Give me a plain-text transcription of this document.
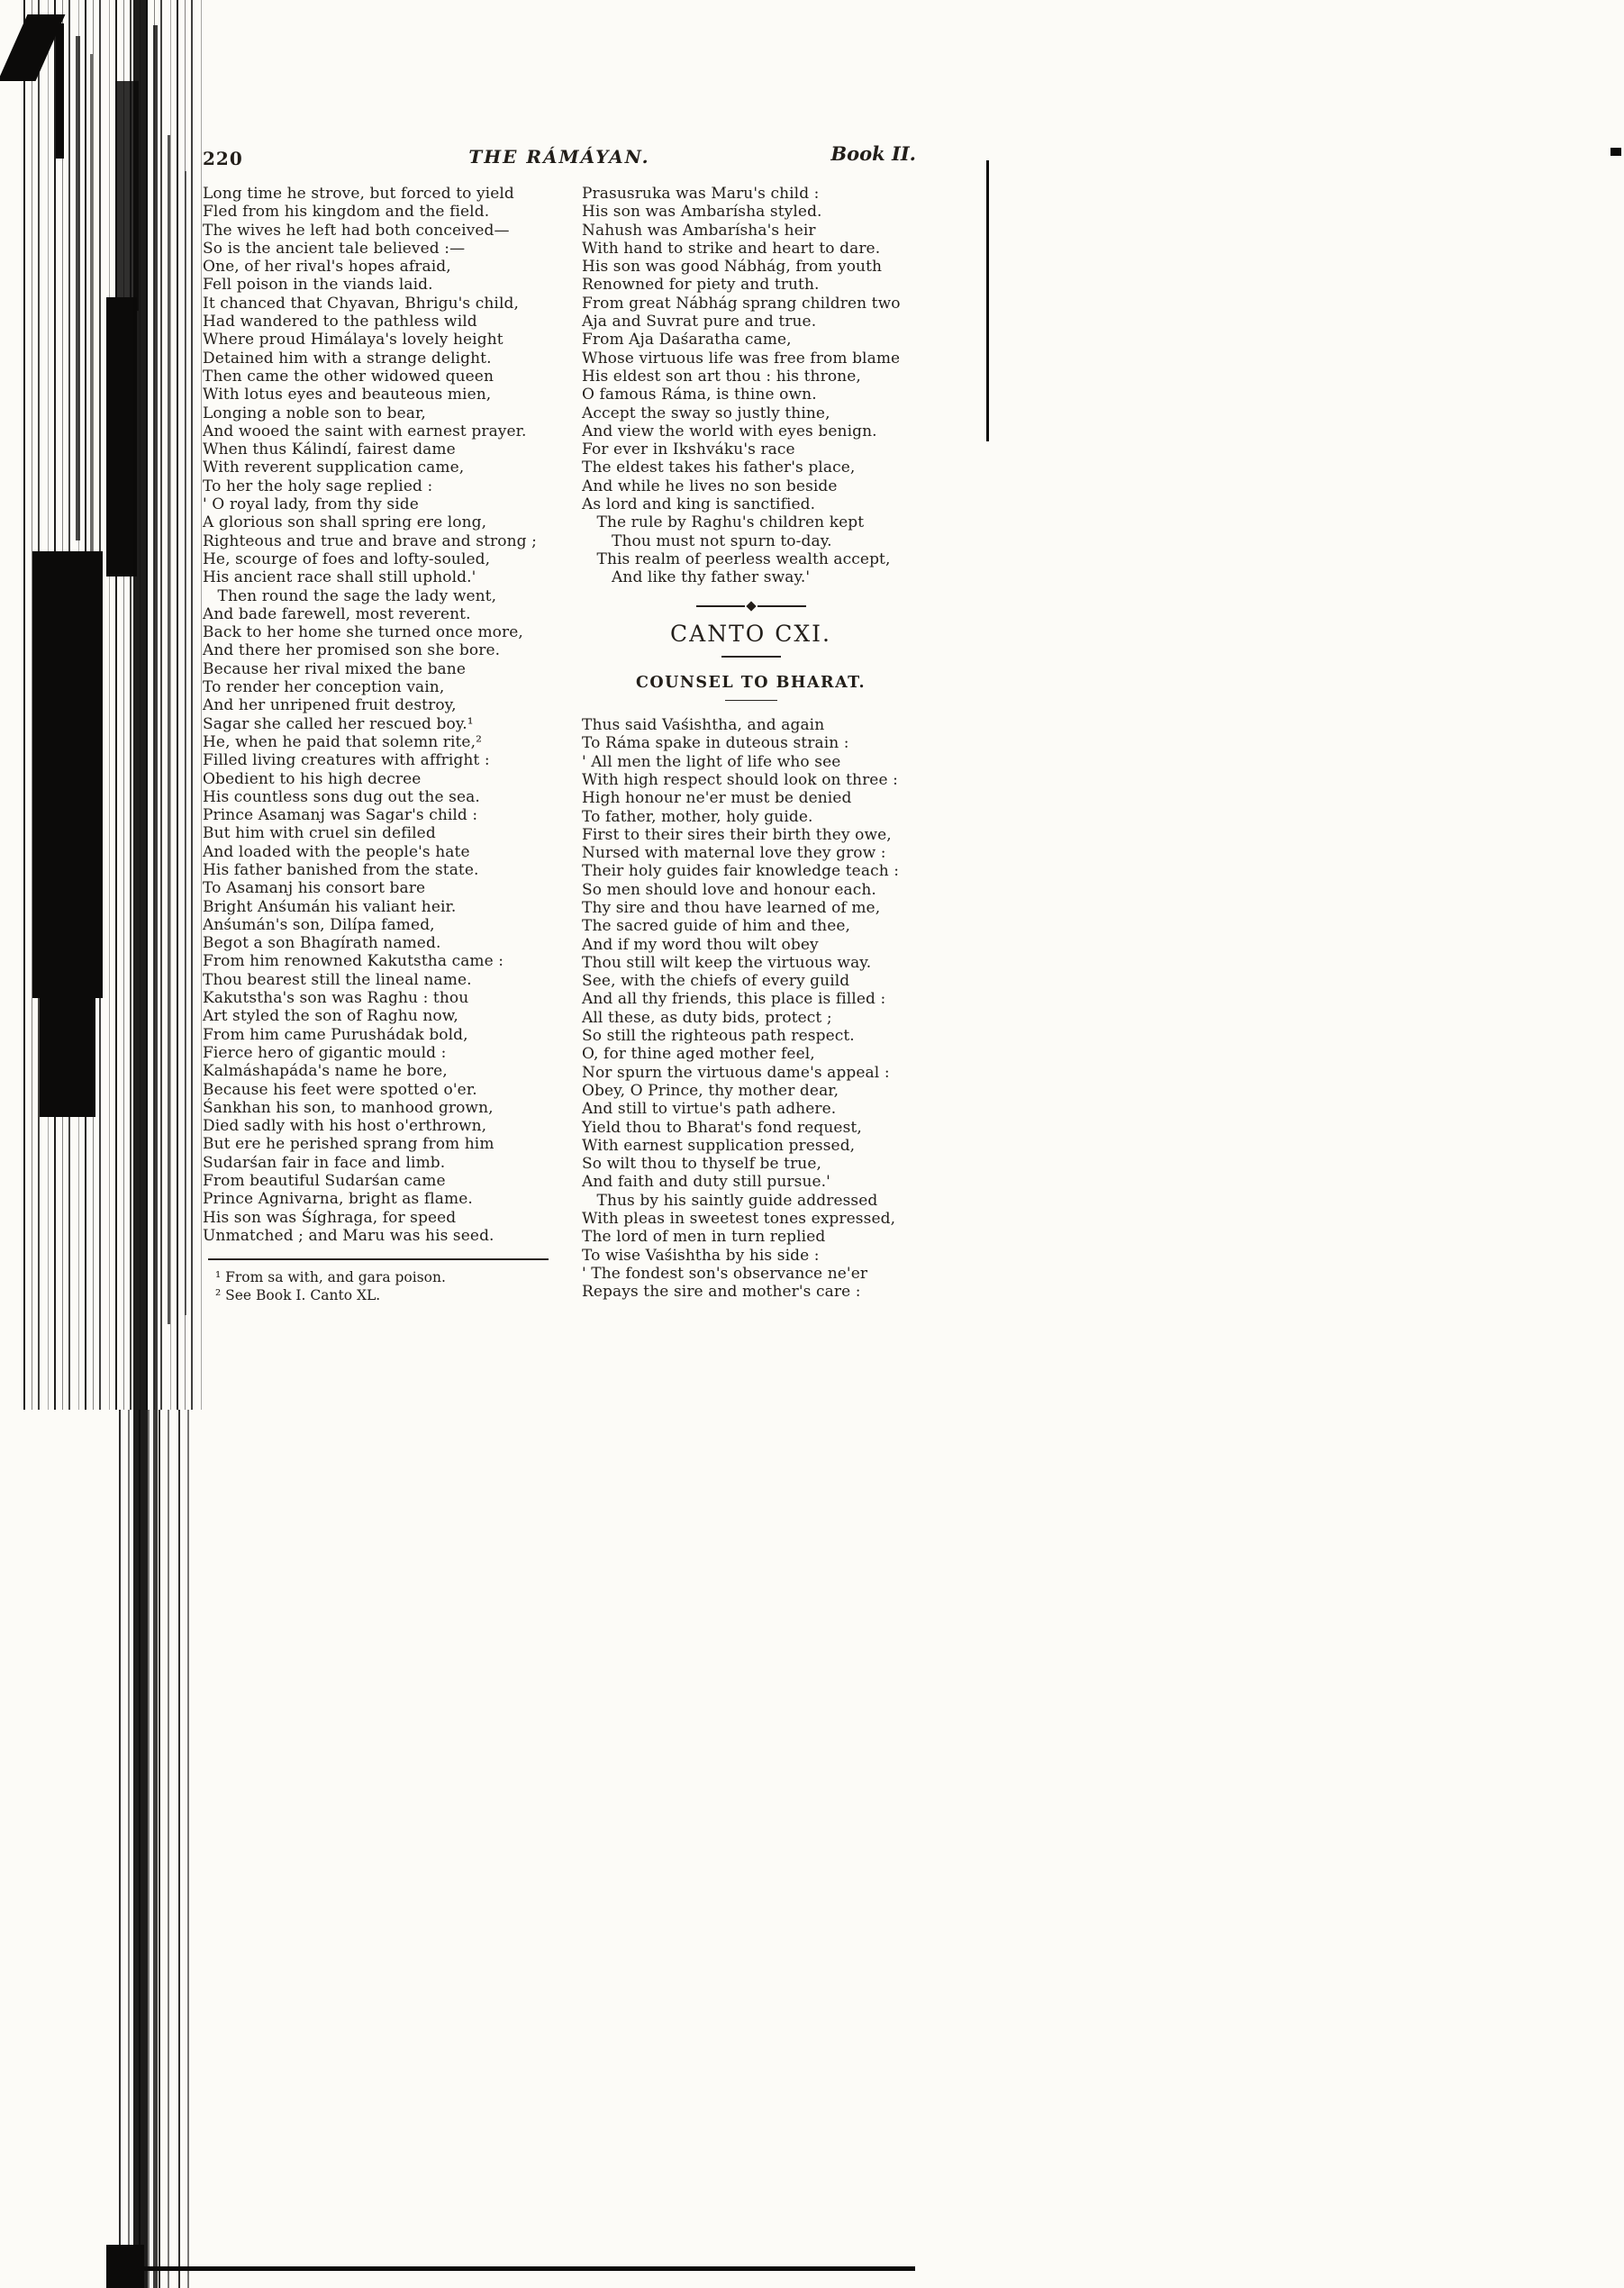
220	THE RÁMÁYAN.	Book II.
Long time he strove, but forced to yield
Fled from his kingdom and the field.
The wives he left had both conceived—
So is the ancient tale believed :—
One, of her rival's hopes afraid,
Fell poison in the viands laid.
It chanced that Chyavan, Bhrigu's child,
Had wandered to the pathless wild
Where proud Himálaya's lovely height
Detained him with a strange delight.
Then came the other widowed queen
With lotus eyes and beauteous mien,
Longing a noble son to bear,
And wooed the saint with earnest prayer.
When thus Kálindí, fairest dame
With reverent supplication came,
To her the holy sage replied :
' O royal lady, from thy side
A glorious son shall spring ere long,
Righteous and true and brave and strong ;
He, scourge of foes and lofty-souled,
His ancient race shall still uphold.'
Then round the sage the lady went,
And bade farewell, most reverent.
Back to her home she turned once more,
And there her promised son she bore.
Because her rival mixed the bane
To render her conception vain,
And her unripened fruit destroy,
Sagar she called her rescued boy.¹
He, when he paid that solemn rite,²
Filled living creatures with affright :
Obedient to his high decree
His countless sons dug out the sea.
Prince Asamanj was Sagar's child :
But him with cruel sin defiled
And loaded with the people's hate
His father banished from the state.
To Asamanj his consort bare
Bright Anśumán his valiant heir.
Anśumán's son, Dilípa famed,
Begot a son Bhagírath named.
From him renowned Kakutstha came :
Thou bearest still the lineal name.
Kakutstha's son was Raghu : thou
Art styled the son of Raghu now,
From him came Purushádak bold,
Fierce hero of gigantic mould :
Kalmáshapáda's name he bore,
Because his feet were spotted o'er.
Śankhan his son, to manhood grown,
Died sadly with his host o'erthrown,
But ere he perished sprang from him
Sudarśan fair in face and limb.
From beautiful Sudarśan came
Prince Agnivarna, bright as flame.
His son was Śíghraga, for speed
Unmatched ; and Maru was his seed.
¹ From sa with, and gara poison.
² See Book I. Canto XL.
Prasusruka was Maru's child :
His son was Ambarísha styled.
Nahush was Ambarísha's heir
With hand to strike and heart to dare.
His son was good Nábhág, from youth
Renowned for piety and truth.
From great Nábhág sprang children two
Aja and Suvrat pure and true.
From Aja Daśaratha came,
Whose virtuous life was free from blame
His eldest son art thou : his throne,
O famous Ráma, is thine own.
Accept the sway so justly thine,
And view the world with eyes benign.
For ever in Ikshváku's race
The eldest takes his father's place,
And while he lives no son beside
As lord and king is sanctified.
The rule by Raghu's children kept
Thou must not spurn to-day.
This realm of peerless wealth accept,
And like thy father sway.'
CANTO CXI.
COUNSEL TO BHARAT.
Thus said Vaśishtha, and again
To Ráma spake in duteous strain :
' All men the light of life who see
With high respect should look on three :
High honour ne'er must be denied
To father, mother, holy guide.
First to their sires their birth they owe,
Nursed with maternal love they grow :
Their holy guides fair knowledge teach :
So men should love and honour each.
Thy sire and thou have learned of me,
The sacred guide of him and thee,
And if my word thou wilt obey
Thou still wilt keep the virtuous way.
See, with the chiefs of every guild
And all thy friends, this place is filled :
All these, as duty bids, protect ;
So still the righteous path respect.
O, for thine aged mother feel,
Nor spurn the virtuous dame's appeal :
Obey, O Prince, thy mother dear,
And still to virtue's path adhere.
Yield thou to Bharat's fond request,
With earnest supplication pressed,
So wilt thou to thyself be true,
And faith and duty still pursue.'
Thus by his saintly guide addressed
With pleas in sweetest tones expressed,
The lord of men in turn replied
To wise Vaśishtha by his side :
' The fondest son's observance ne'er
Repays the sire and mother's care :
